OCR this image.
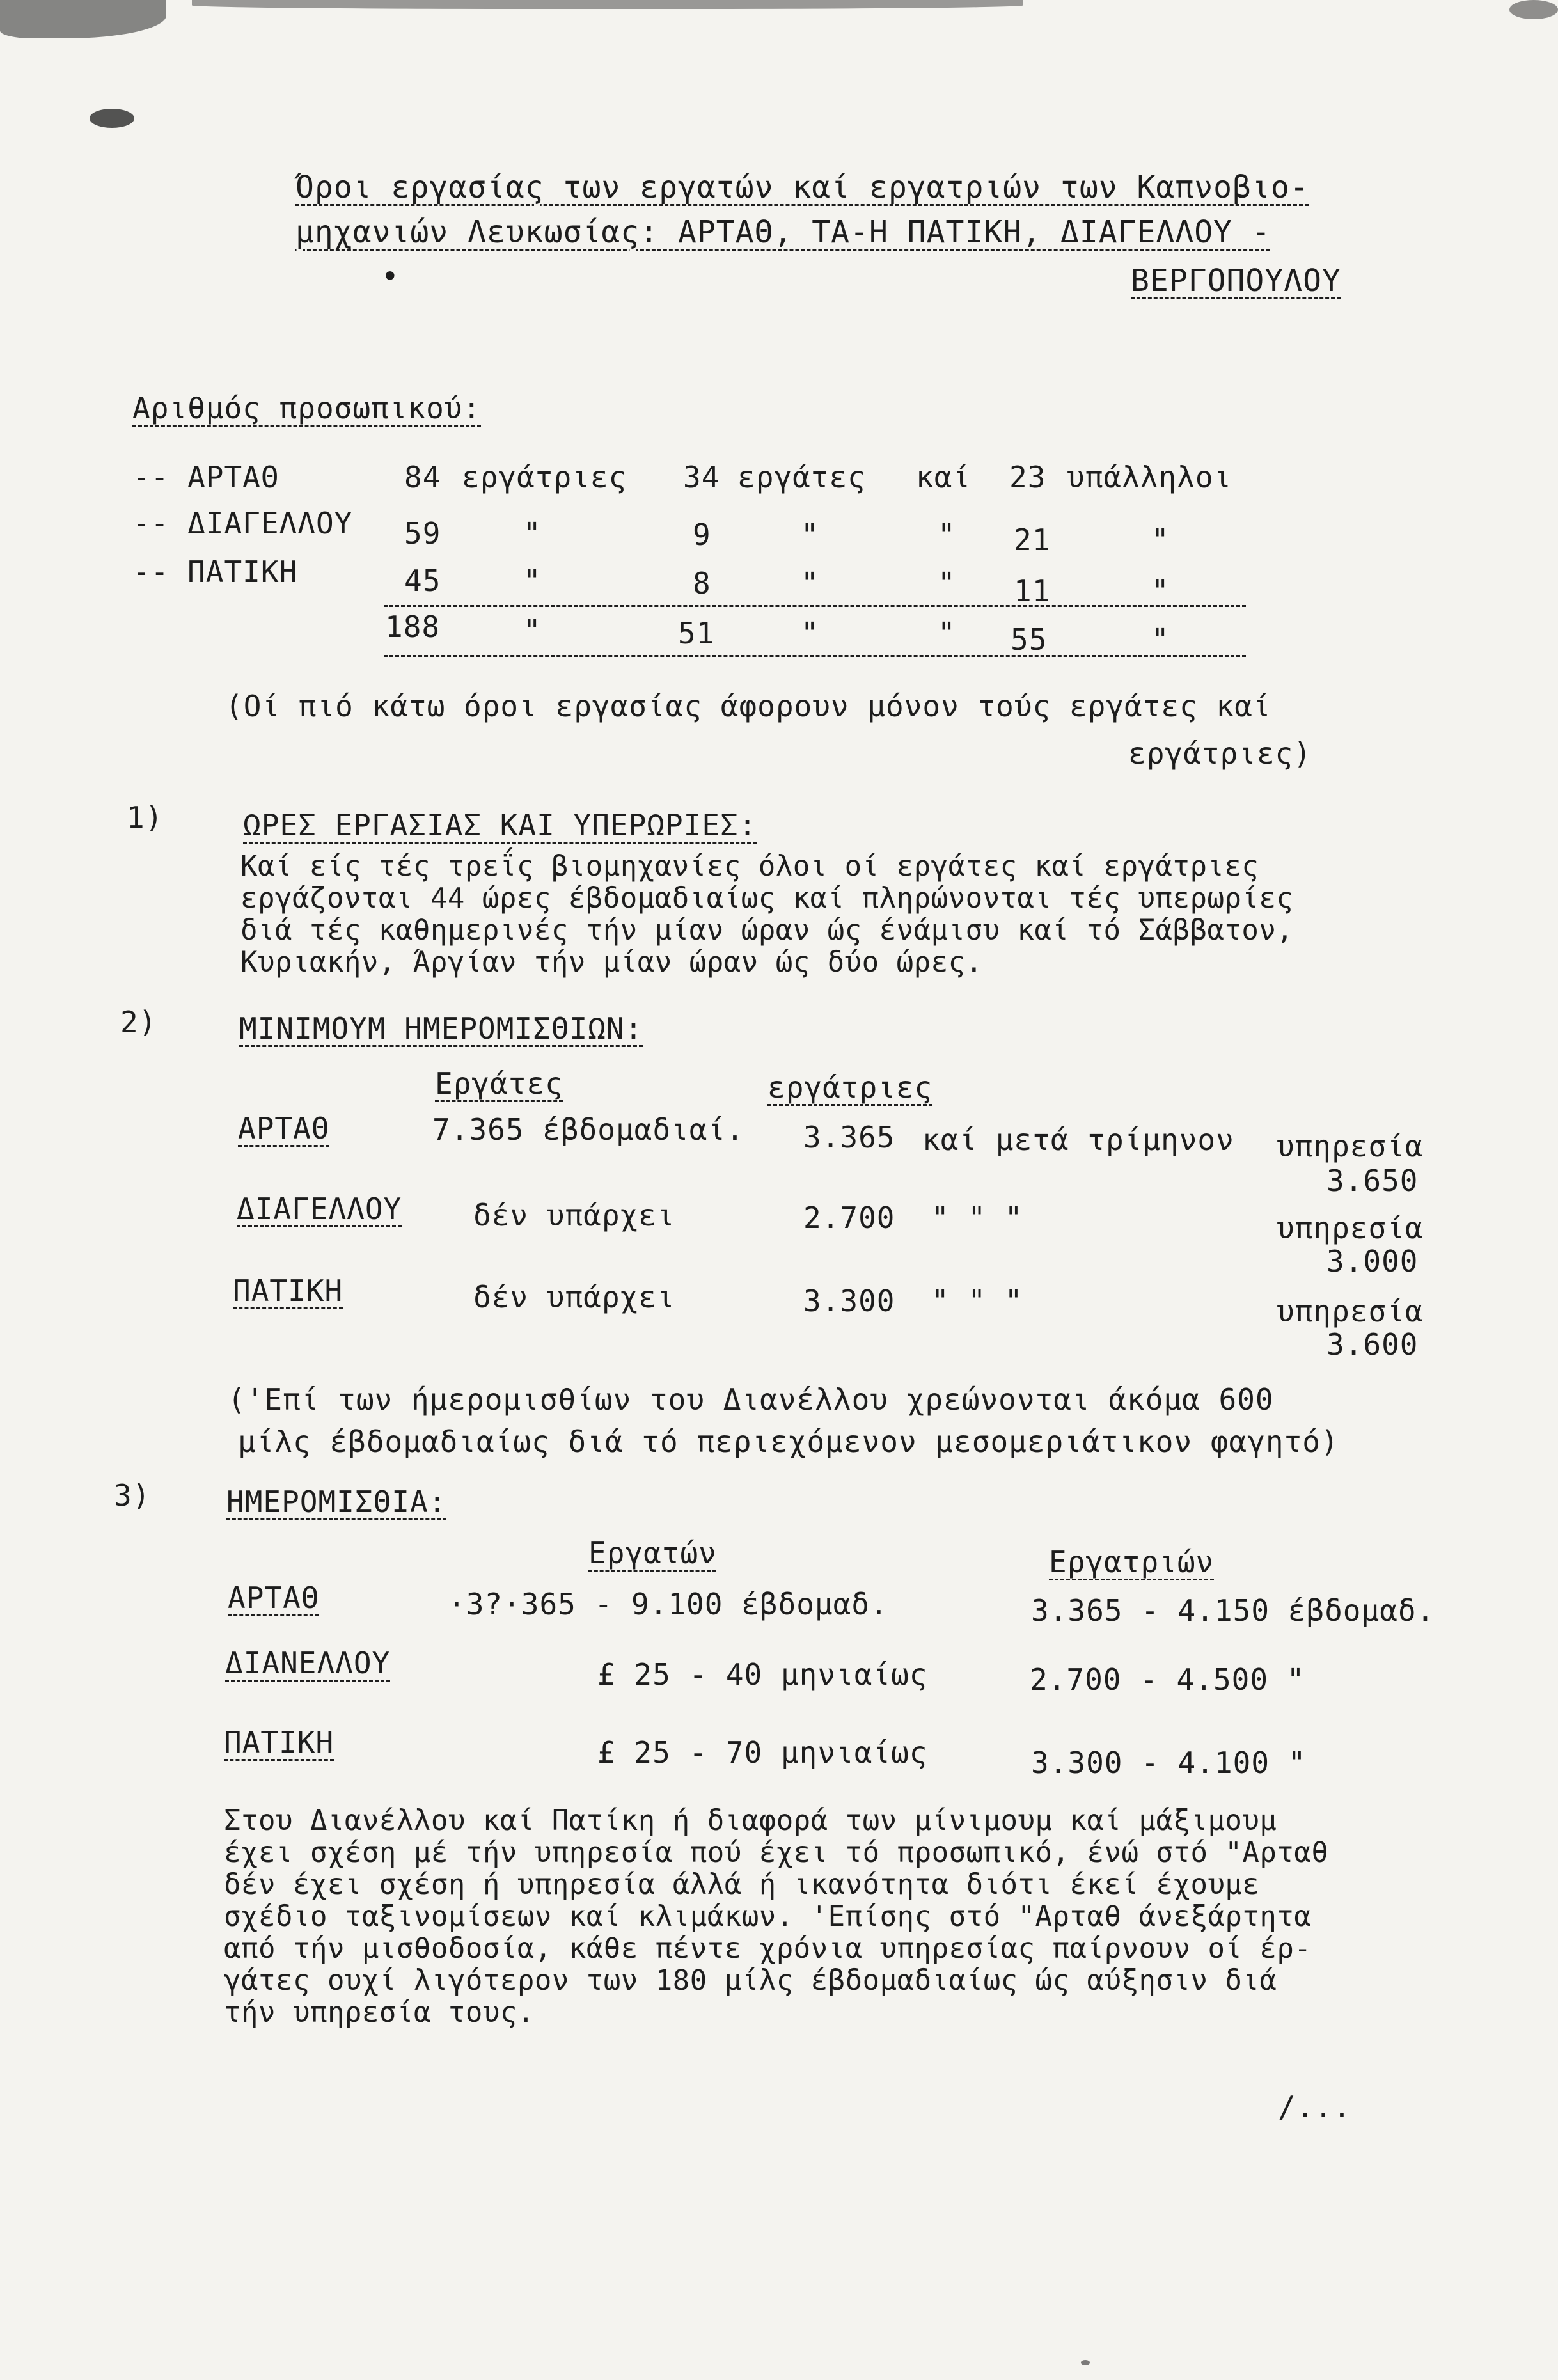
Όροι εργασίας των εργατών καί εργατριών των Καπνοβιο-
μηχανιών Λευκωσίας: ΑΡΤΑΘ, ΤΑ-Η ΠΑΤΙΚΗ, ΔΙΑΓΕΛΛΟΥ -
ΒΕΡΓΟΠΟΥΛΟΥ
•
Αριθμός προσωπικού:
-- ΑΡΤΑΘ	84 εργάτριες 34 εργάτες καί 23 υπάλληλοι
-- ΔΙΑΓΕΛΛΟΥ 59	"	9	"	" 21	"
-- ΠΑΤΙΚΗ	45	"	8	"	" 11	"
188	"	51	"	" 55	"
(Οί πιό κάτω όροι εργασίας άφορουν μόνον τούς εργάτες καί
εργάτριες)
1)	ΩΡΕΣ ΕΡΓΑΣΙΑΣ ΚΑΙ ΥΠΕΡΩΡΙΕΣ:
Καί είς τές τρεΐς βιομηχανίες όλοι οί εργάτες καί εργάτριες
εργάζονται 44 ώρες έβδομαδιαίως καί πληρώνονται τές υπερωρίες
διά τές καθημερινές τήν μίαν ώραν ώς ένάμισυ καί τό Σάββατον,
Κυριακήν, Άργίαν τήν μίαν ώραν ώς δύο ώρες.
2)	ΜΙΝΙΜΟΥΜ ΗΜΕΡΟΜΙΣΘΙΩΝ:
Εργάτες	εργάτριες
ΑΡΤΑΘ	7.365 έβδομαδιαί. 3.365 καί μετά τρίμηνον υπηρεσία
3.650
ΔΙΑΓΕΛΛΟΥ δέν υπάρχει	2.700 " " "	υπηρεσία
3.000
ΠΑΤΙΚΗ	δέν υπάρχει	3.300 " " "	υπηρεσία
3.600
('Επί των ήμερομισθίων του Διανέλλου χρεώνονται άκόμα 600
μίλς έβδομαδιαίως διά τό περιεχόμενον μεσομεριάτικον φαγητό)
3)	ΗΜΕΡΟΜΙΣΘΙΑ:
Εργατών	Εργατριών
ΑΡΤΑΘ	·3?·365 - 9.100 έβδομαδ.	3.365 - 4.150 έβδομαδ.
ΔΙΑΝΕΛΛΟΥ	£ 25 - 40 μηνιαίως	2.700 - 4.500 "
ΠΑΤΙΚΗ	£ 25 - 70 μηνιαίως	3.300 - 4.100 "
Στου Διανέλλου καί Πατίκη ή διαφορά των μίνιμουμ καί μάξιμουμ
έχει σχέση μέ τήν υπηρεσία πού έχει τό προσωπικό, ένώ στό "Αρταθ
δέν έχει σχέση ή υπηρεσία άλλά ή ικανότητα διότι έκεί έχουμε
σχέδιο ταξινομίσεων καί κλιμάκων. 'Επίσης στό "Αρταθ άνεξάρτητα
από τήν μισθοδοσία, κάθε πέντε χρόνια υπηρεσίας παίρνουν οί έρ-
γάτες ουχί λιγότερον των 180 μίλς έβδομαδιαίως ώς αύξησιν διά
τήν υπηρεσία τους.
/...
